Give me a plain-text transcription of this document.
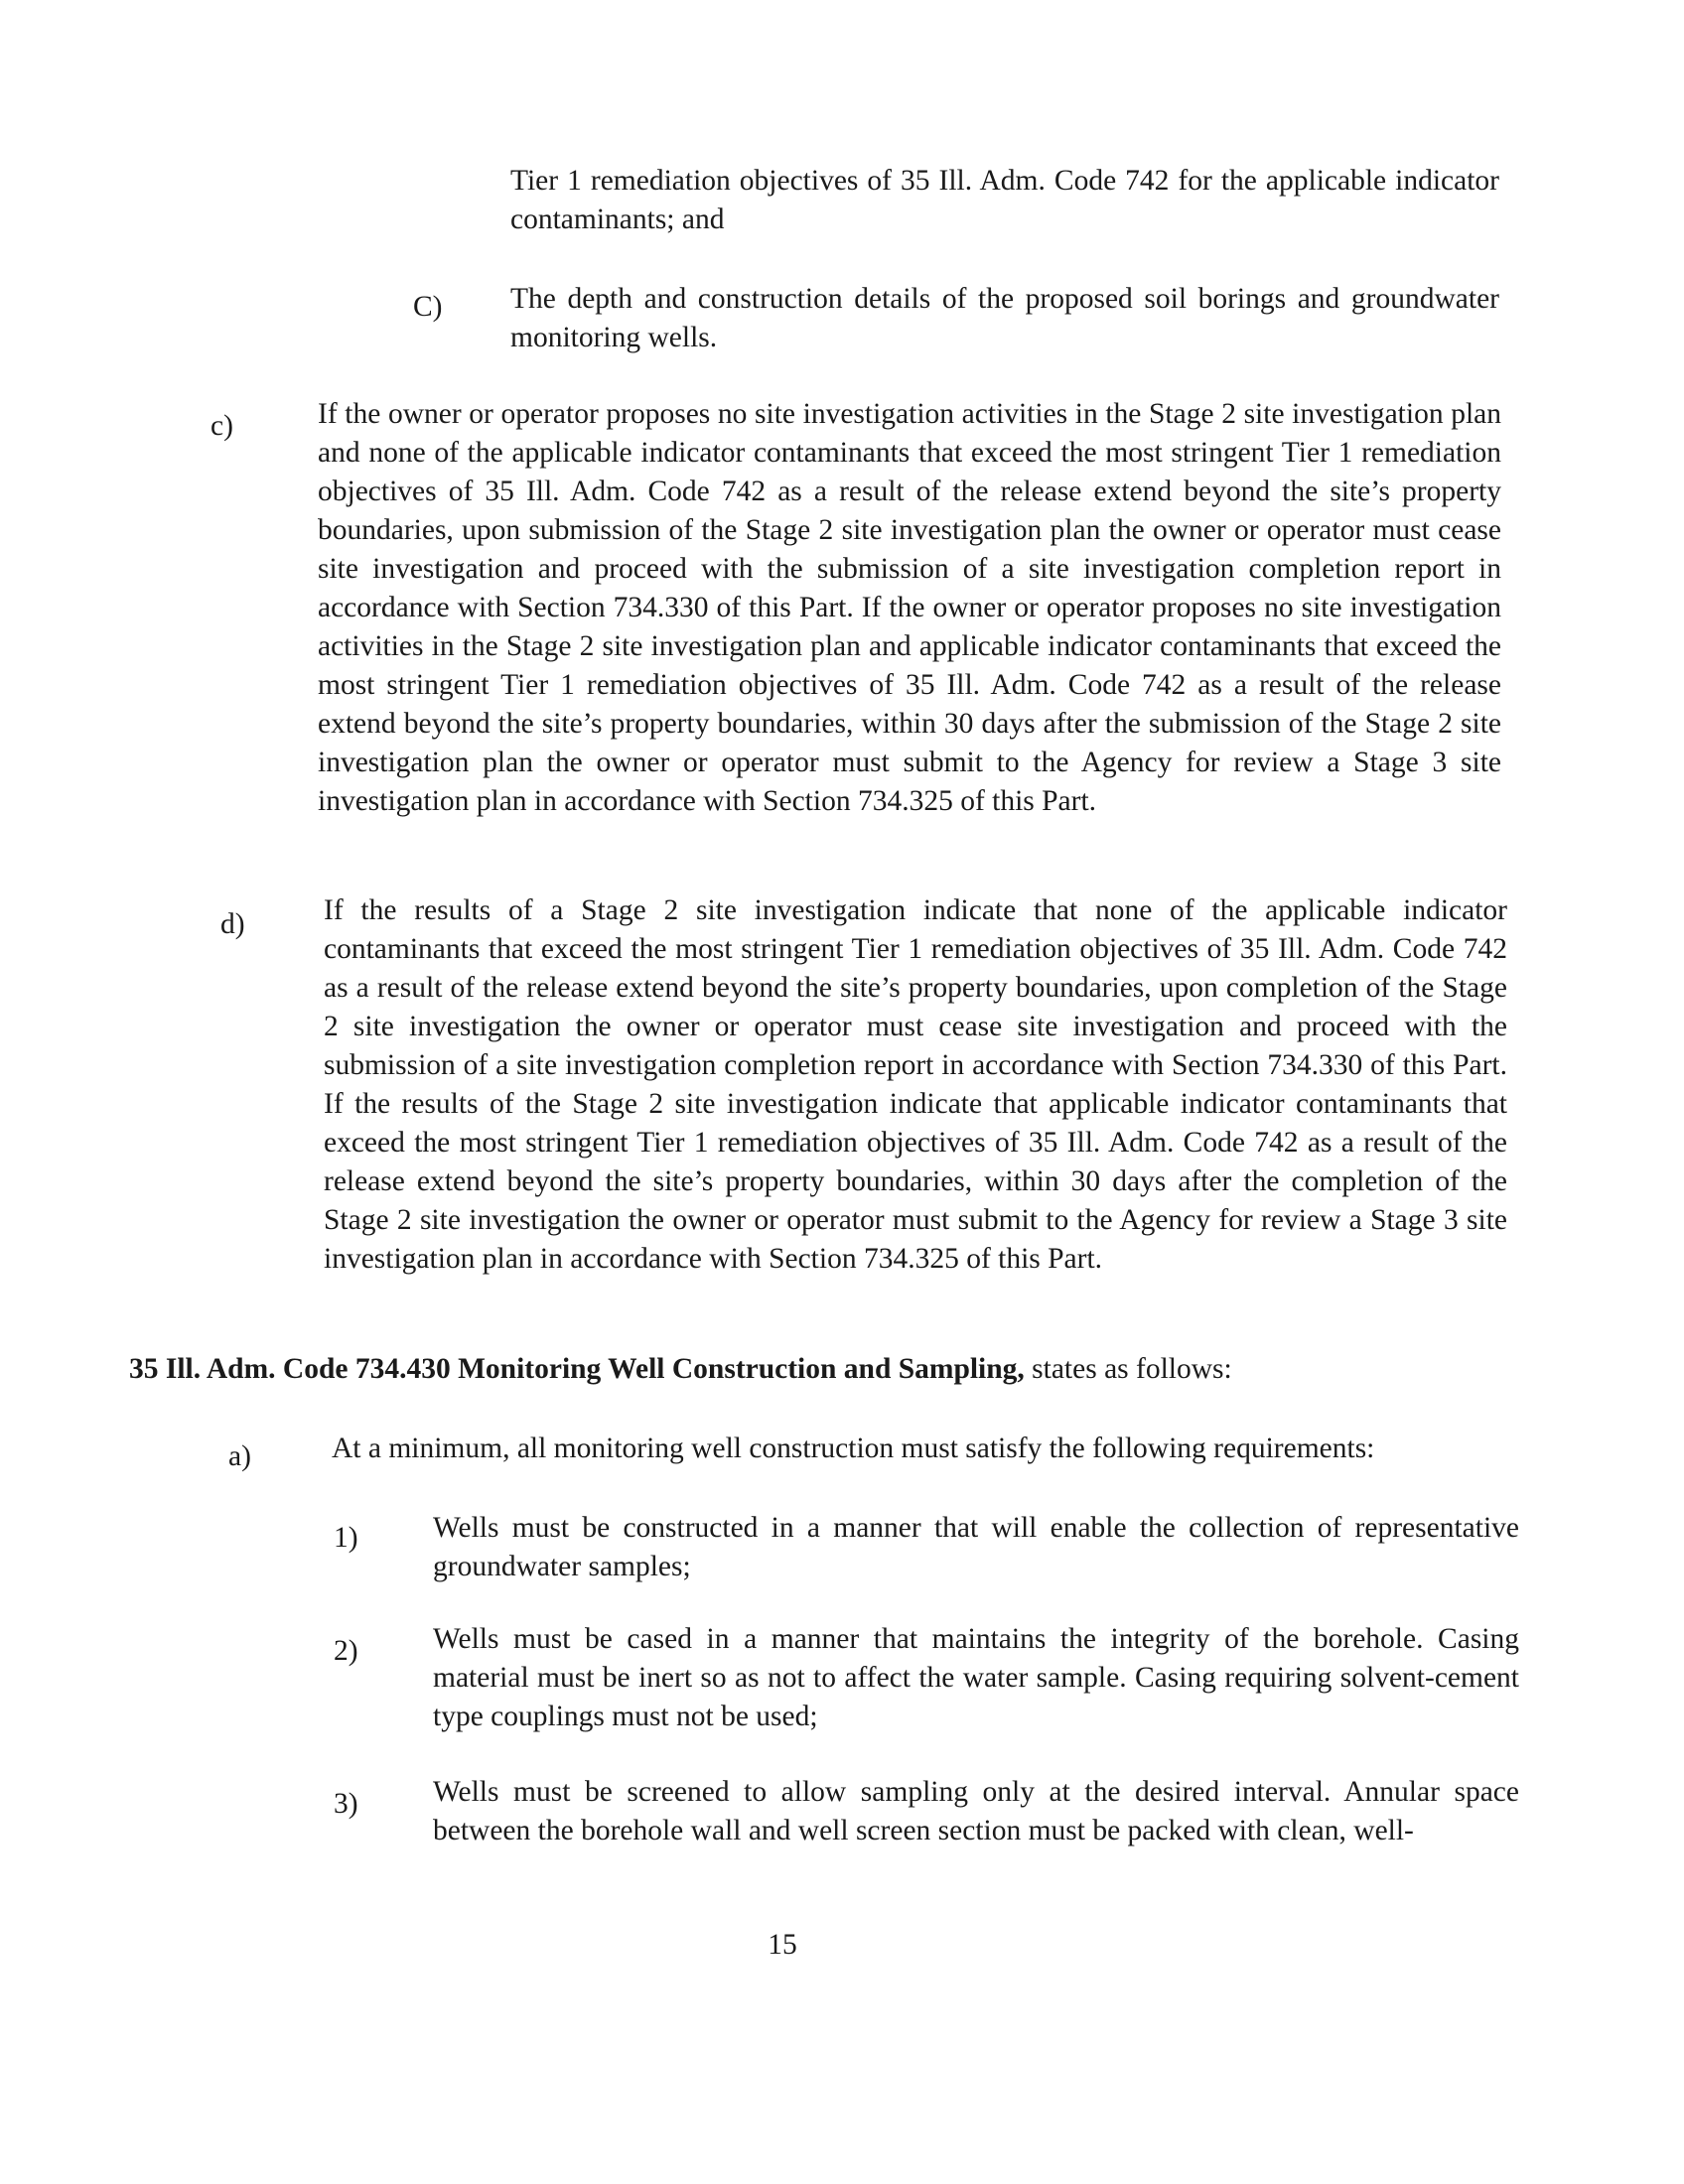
Tier 1 remediation objectives of 35 Ill. Adm. Code 742 for the applicable indicator contaminants; and

C) The depth and construction details of the proposed soil borings and groundwater monitoring wells.

c)	If the owner or operator proposes no site investigation activities in the Stage 2 site investigation plan and none of the applicable indicator contaminants that exceed the most stringent Tier 1 remediation objectives of 35 Ill. Adm. Code 742 as a result of the release extend beyond the site’s property boundaries, upon submission of the Stage 2 site investigation plan the owner or operator must cease site investigation and proceed with the submission of a site investigation completion report in accordance with Section 734.330 of this Part. If the owner or operator proposes no site investigation activities in the Stage 2 site investigation plan and applicable indicator contaminants that exceed the most stringent Tier 1 remediation objectives of 35 Ill. Adm. Code 742 as a result of the release extend beyond the site’s property boundaries, within 30 days after the submission of the Stage 2 site investigation plan the owner or operator must submit to the Agency for review a Stage 3 site investigation plan in accordance with Section 734.325 of this Part.

d)	If the results of a Stage 2 site investigation indicate that none of the applicable indicator contaminants that exceed the most stringent Tier 1 remediation objectives of 35 Ill. Adm. Code 742 as a result of the release extend beyond the site’s property boundaries, upon completion of the Stage 2 site investigation the owner or operator must cease site investigation and proceed with the submission of a site investigation completion report in accordance with Section 734.330 of this Part. If the results of the Stage 2 site investigation indicate that applicable indicator contaminants that exceed the most stringent Tier 1 remediation objectives of 35 Ill. Adm. Code 742 as a result of the release extend beyond the site’s property boundaries, within 30 days after the completion of the Stage 2 site investigation the owner or operator must submit to the Agency for review a Stage 3 site investigation plan in accordance with Section 734.325 of this Part.

35 Ill. Adm. Code 734.430 Monitoring Well Construction and Sampling, states as follows:
a)	At a minimum, all monitoring well construction must satisfy the following requirements:

1)	Wells must be constructed in a manner that will enable the collection of representative groundwater samples;

2)	Wells must be cased in a manner that maintains the integrity of the borehole. Casing material must be inert so as not to affect the water sample. Casing requiring solvent-cement type couplings must not be used;

3)	Wells must be screened to allow sampling only at the desired interval. Annular space between the borehole wall and well screen section must be packed with clean, well-

15
